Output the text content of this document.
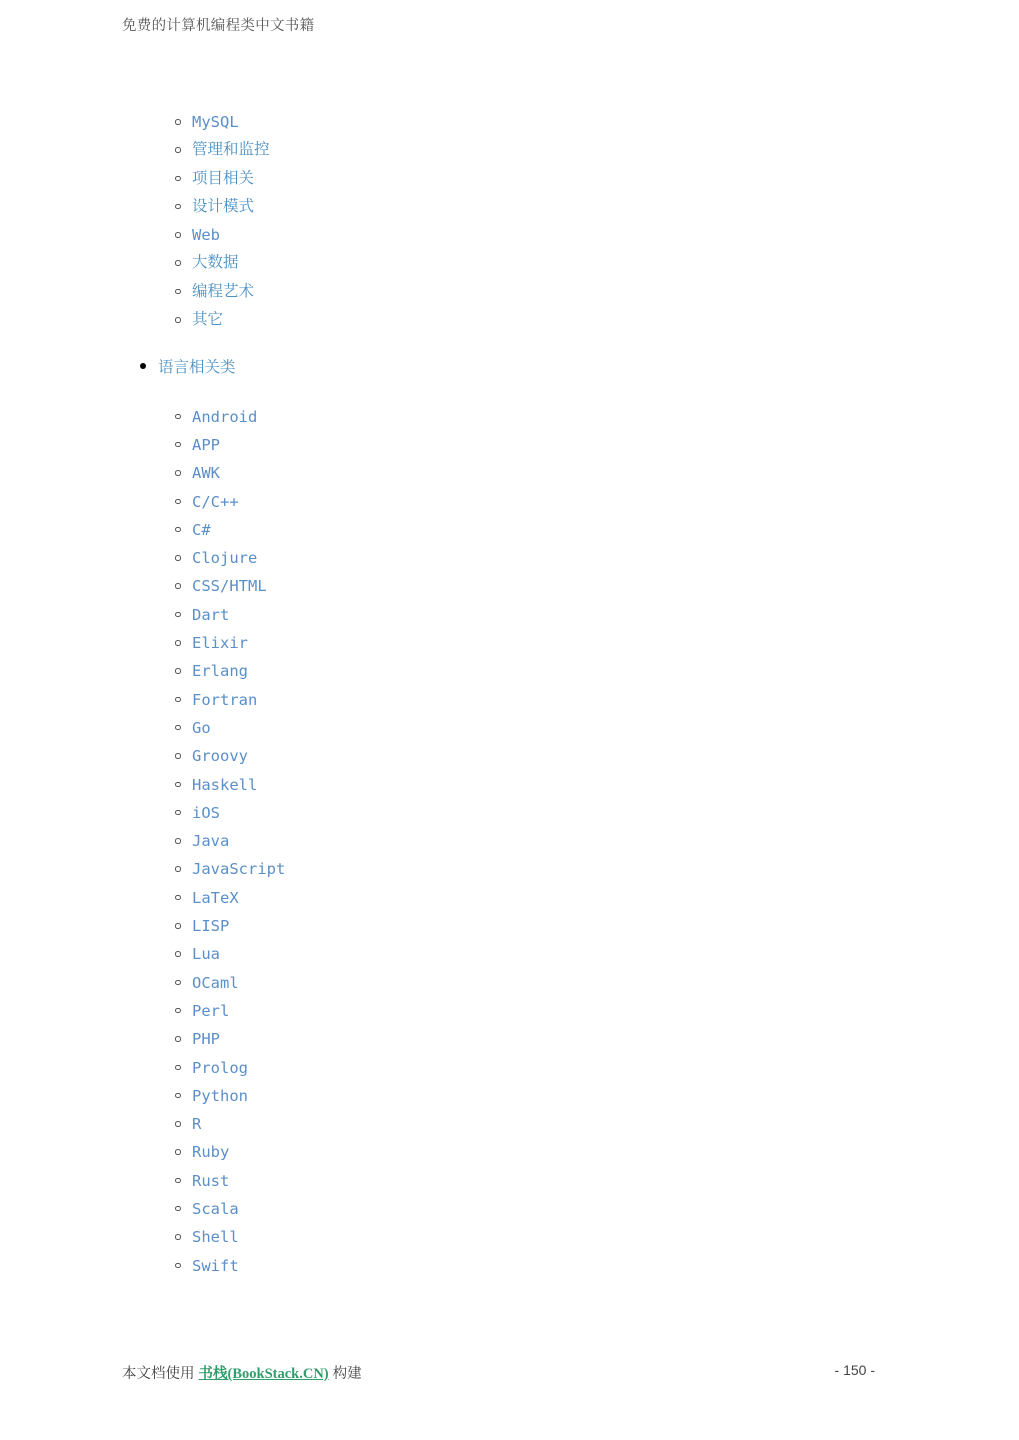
免费的计算机编程类中文书籍
MySQL
管理和监控
项目相关
设计模式
Web
大数据
编程艺术
其它
语言相关类
Android
APP
AWK
C/C++
C#
Clojure
CSS/HTML
Dart
Elixir
Erlang
Fortran
Go
Groovy
Haskell
iOS
Java
JavaScript
LaTeX
LISP
Lua
OCaml
Perl
PHP
Prolog
Python
R
Ruby
Rust
Scala
Shell
Swift
本文档使用 书栈(BookStack.CN) 构建	- 150 -
